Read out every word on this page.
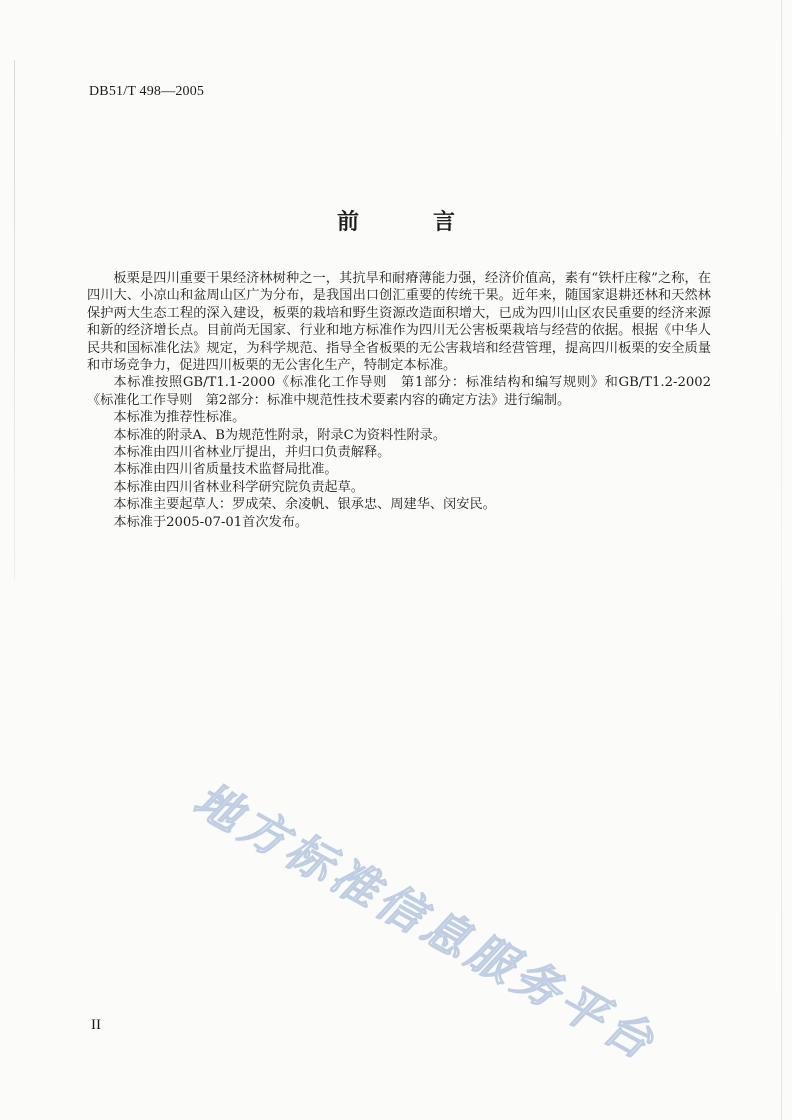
DB51/T 498—2005
前　言

板栗是四川重要干果经济林树种之一，其抗旱和耐瘠薄能力强，经济价值高，素有“铁杆庄稼”之称，在四川大、小凉山和盆周山区广为分布，是我国出口创汇重要的传统干果。近年来，随国家退耕还林和天然林保护两大生态工程的深入建设，板栗的栽培和野生资源改造面积增大，已成为四川山区农民重要的经济来源和新的经济增长点。目前尚无国家、行业和地方标准作为四川无公害板栗栽培与经营的依据。根据《中华人民共和国标准化法》规定，为科学规范、指导全省板栗的无公害栽培和经营管理，提高四川板栗的安全质量和市场竞争力，促进四川板栗的无公害化生产，特制定本标准。

本标准按照GB/T1.1-2000《标准化工作导则　第1部分：标准结构和编写规则》和GB/T1.2-2002《标准化工作导则　第2部分：标准中规范性技术要素内容的确定方法》进行编制。

本标准为推荐性标准。

本标准的附录A、B为规范性附录，附录C为资料性附录。

本标准由四川省林业厅提出，并归口负责解释。

本标准由四川省质量技术监督局批准。

本标准由四川省林业科学研究院负责起草。

本标准主要起草人：罗成荣、余凌帆、银承忠、周建华、闵安民。

本标准于2005-07-01首次发布。

地方标准信息服务平台
II
